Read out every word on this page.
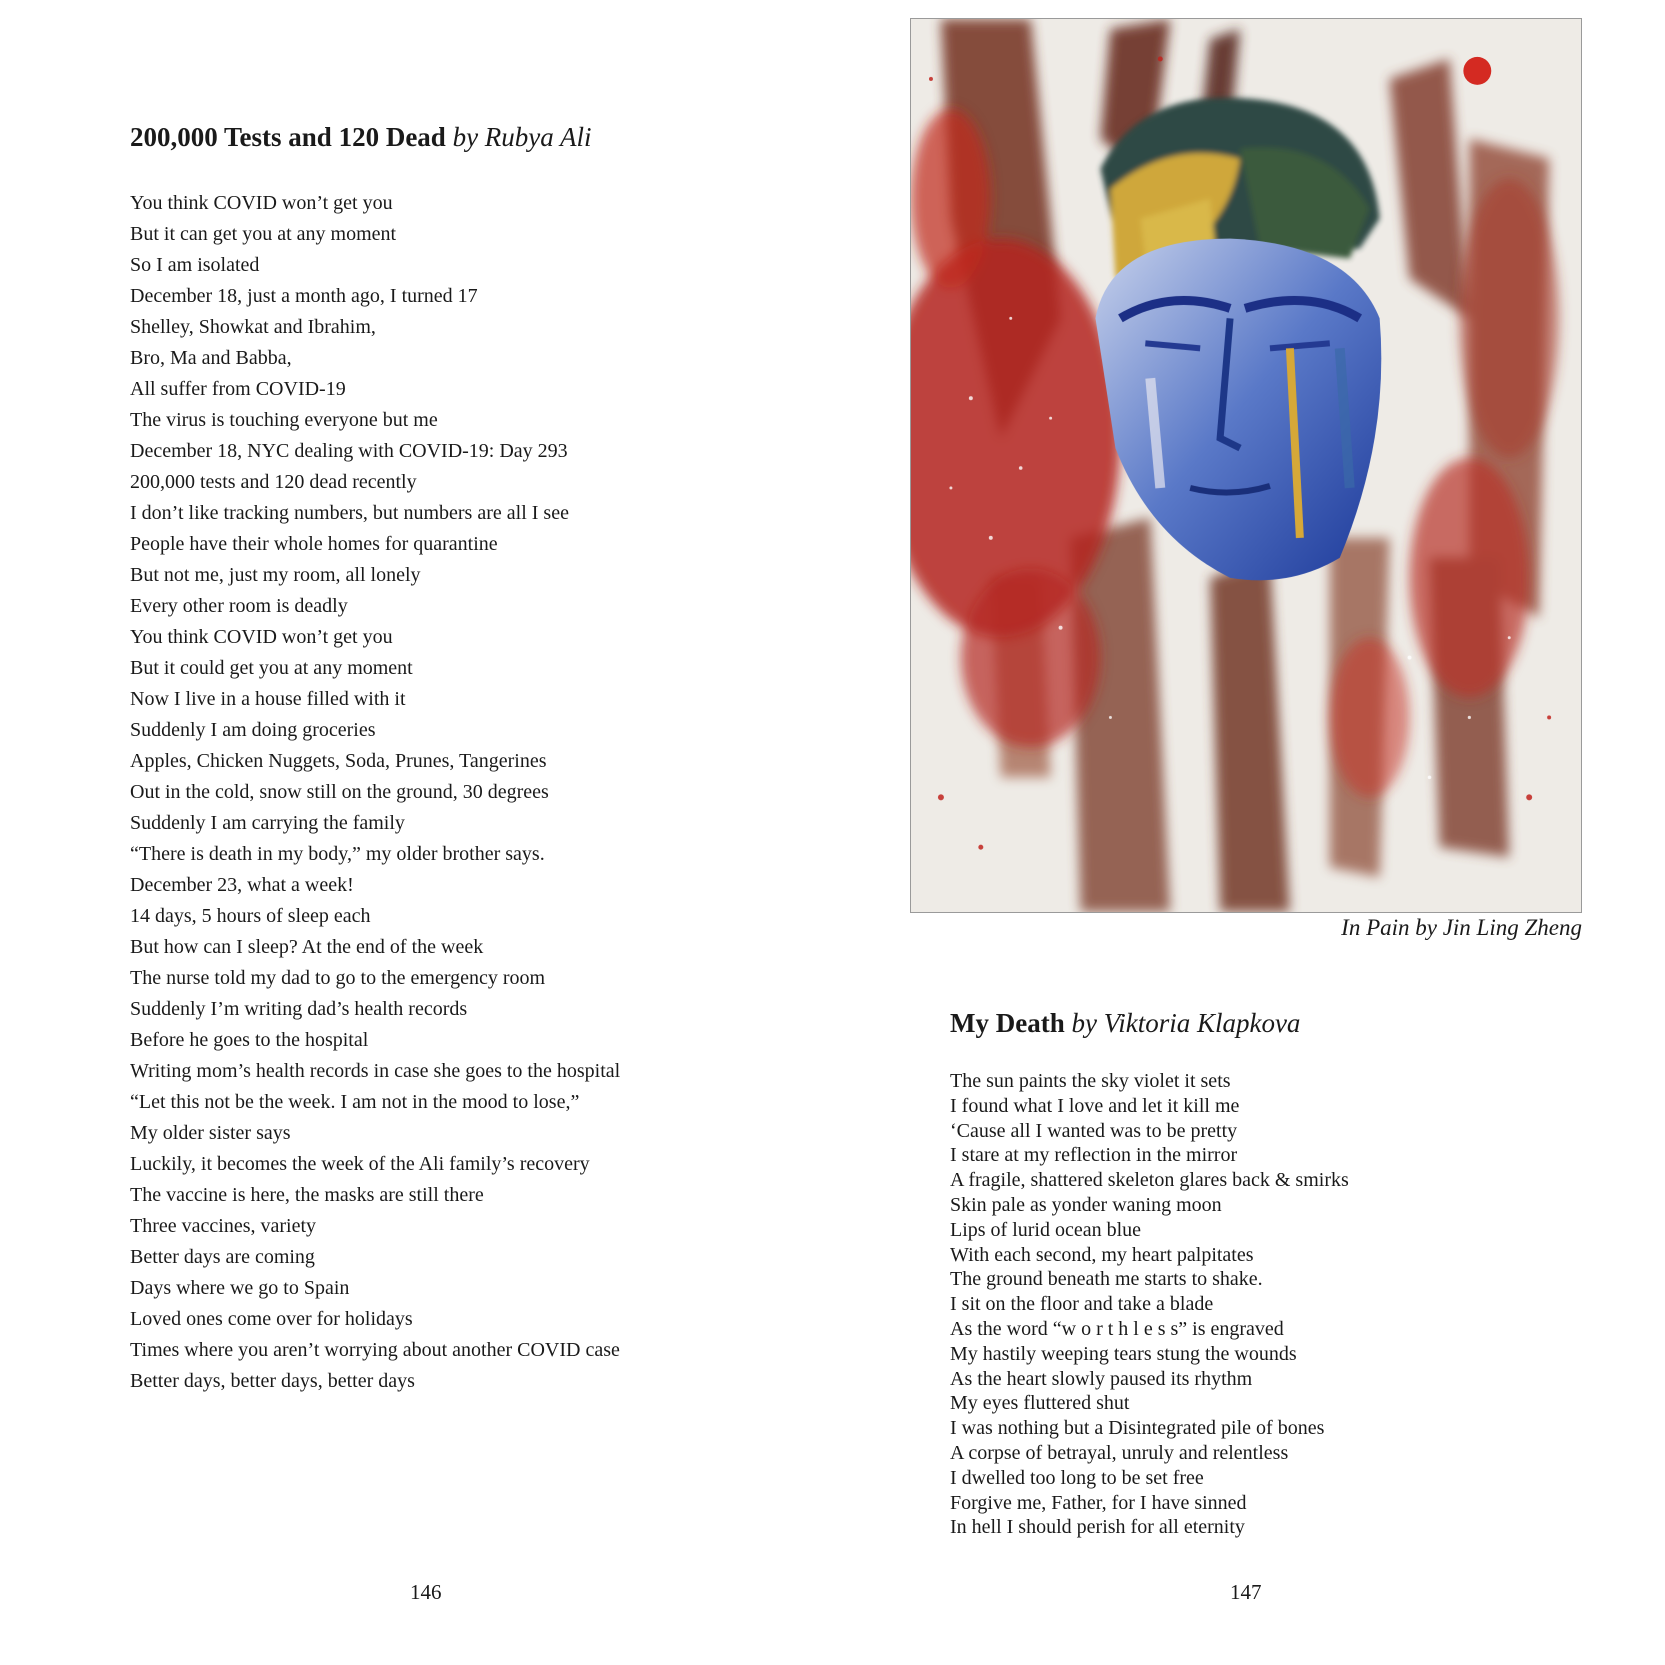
200,000 Tests and 120 Dead by Rubya Ali
You think COVID won’t get you
But it can get you at any moment
So I am isolated
December 18, just a month ago, I turned 17
Shelley, Showkat and Ibrahim,
Bro, Ma and Babba,
All suffer from COVID-19
The virus is touching everyone but me
December 18, NYC dealing with COVID-19: Day 293
200,000 tests and 120 dead recently
I don’t like tracking numbers, but numbers are all I see
People have their whole homes for quarantine
But not me, just my room, all lonely
Every other room is deadly
You think COVID won’t get you
But it could get you at any moment
Now I live in a house filled with it
Suddenly I am doing groceries
Apples, Chicken Nuggets, Soda, Prunes, Tangerines
Out in the cold, snow still on the ground, 30 degrees
Suddenly I am carrying the family
“There is death in my body,” my older brother says.
December 23, what a week!
14 days, 5 hours of sleep each
But how can I sleep? At the end of the week
The nurse told my dad to go to the emergency room
Suddenly I’m writing dad’s health records
Before he goes to the hospital
Writing mom’s health records in case she goes to the hospital
“Let this not be the week. I am not in the mood to lose,”
My older sister says
Luckily, it becomes the week of the Ali family’s recovery
The vaccine is here, the masks are still there
Three vaccines, variety
Better days are coming
Days where we go to Spain
Loved ones come over for holidays
Times where you aren’t worrying about another COVID case
Better days, better days, better days
146
In Pain by Jin Ling Zheng
My Death by Viktoria Klapkova
The sun paints the sky violet it sets
I found what I love and let it kill me
‘Cause all I wanted was to be pretty
I stare at my reflection in the mirror
A fragile, shattered skeleton glares back & smirks
Skin pale as yonder waning moon
Lips of lurid ocean blue
With each second, my heart palpitates
The ground beneath me starts to shake.
I sit on the floor and take a blade
As the word “w o r t h l e s s” is engraved
My hastily weeping tears stung the wounds
As the heart slowly paused its rhythm
My eyes fluttered shut
I was nothing but a Disintegrated pile of bones
A corpse of betrayal, unruly and relentless
I dwelled too long to be set free
Forgive me, Father, for I have sinned
In hell I should perish for all eternity
147
